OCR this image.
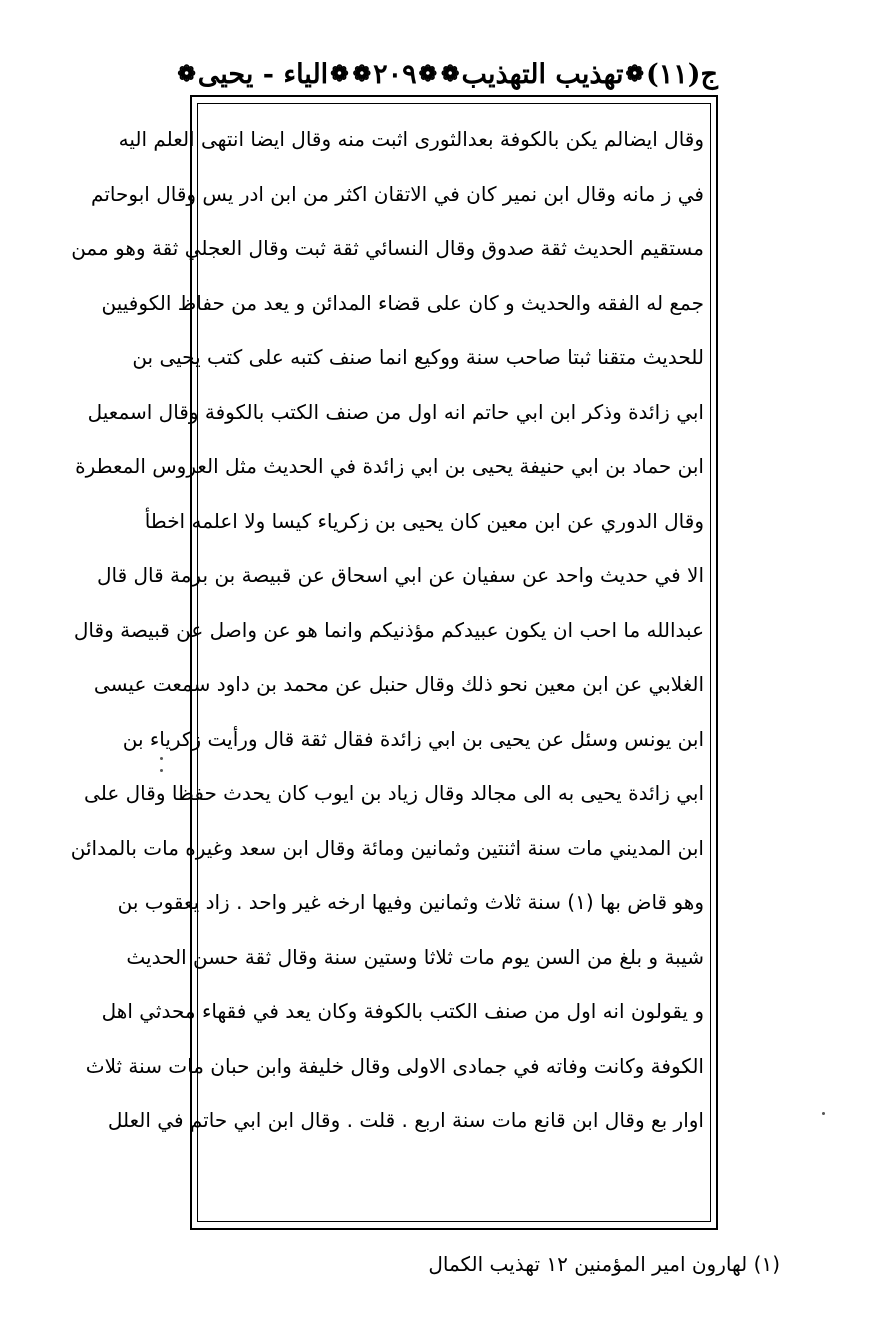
ج(١١)
❁
تهذيب التهذيب
❁
❁
٢٠٩
❁
❁
الياء - يحيى
❁
وقال ايضالم يكن بالكوفة بعدالثورى اثبت منه وقال ايضا انتهى العلم اليه
في ز مانه وقال ابن نمير كان في الاتقان اكثر من ابن ادر يس وقال ابوحاتم
مستقيم الحديث ثقة صدوق وقال النسائي ثقة ثبت وقال العجلي ثقة وهو ممن
جمع له الفقه والحديث و كان على قضاء المدائن و يعد من حفاظ الكوفيين
للحديث متقنا ثبتا صاحب سنة ووكيع انما صنف كتبه على كتب يحيى بن
ابي زائدة وذكر ابن ابي حاتم انه اول من صنف الكتب بالكوفة وقال اسمعيل
ابن حماد بن ابي حنيفة يحيى بن ابي زائدة في الحديث مثل العروس المعطرة
وقال الدوري عن ابن معين كان يحيى بن زكرياء كيسا ولا اعلمه اخطأ
الا في حديث واحد عن سفيان عن ابي اسحاق عن قبيصة بن برمة قال قال
عبدالله ما احب ان يكون عبيدكم مؤذنيكم وانما هو عن واصل عن قبيصة وقال
الغلابي عن ابن معين نحو ذلك وقال حنبل عن محمد بن داود سمعت عيسى
ابن يونس وسئل عن يحيى بن ابي زائدة فقال ثقة قال ورأيت زكرياء بن
ابي زائدة يحيى به الى مجالد وقال زياد بن ايوب كان يحدث حفظا وقال على
ابن المديني مات سنة اثنتين وثمانين ومائة وقال ابن سعد وغيره مات بالمدائن
وهو قاض بها (١) سنة ثلاث وثمانين وفيها ارخه غير واحد . زاد يعقوب بن
شيبة و بلغ من السن يوم مات ثلاثا وستين سنة وقال ثقة حسن الحديث
و يقولون انه اول من صنف الكتب بالكوفة وكان يعد في فقهاء محدثي اهل
الكوفة وكانت وفاته في جمادى الاولى وقال خليفة وابن حبان مات سنة ثلاث
اوار بع وقال ابن قانع مات سنة اربع . قلت . وقال ابن ابي حاتم في العلل
(١) لهارون امير المؤمنين ١٢ تهذيب الكمال
